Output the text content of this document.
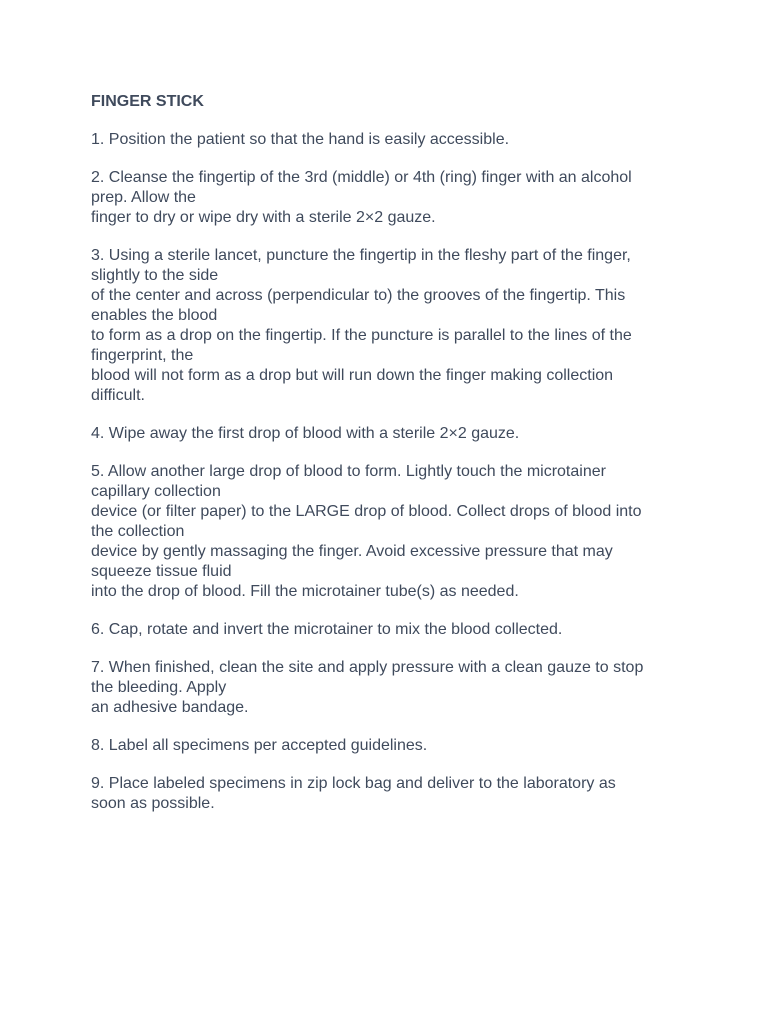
FINGER STICK
1. Position the patient so that the hand is easily accessible.
2. Cleanse the fingertip of the 3rd (middle) or 4th (ring) finger with an alcohol
prep. Allow the
finger to dry or wipe dry with a sterile 2×2 gauze.
3. Using a sterile lancet, puncture the fingertip in the fleshy part of the finger,
slightly to the side
of the center and across (perpendicular to) the grooves of the fingertip. This
enables the blood
to form as a drop on the fingertip. If the puncture is parallel to the lines of the
fingerprint, the
blood will not form as a drop but will run down the finger making collection
difficult.
4. Wipe away the first drop of blood with a sterile 2×2 gauze.
5. Allow another large drop of blood to form. Lightly touch the microtainer
capillary collection
device (or filter paper) to the LARGE drop of blood. Collect drops of blood into
the collection
device by gently massaging the finger. Avoid excessive pressure that may
squeeze tissue fluid
into the drop of blood. Fill the microtainer tube(s) as needed.
6. Cap, rotate and invert the microtainer to mix the blood collected.
7. When finished, clean the site and apply pressure with a clean gauze to stop
the bleeding. Apply
an adhesive bandage.
8. Label all specimens per accepted guidelines.
9. Place labeled specimens in zip lock bag and deliver to the laboratory as
soon as possible.
